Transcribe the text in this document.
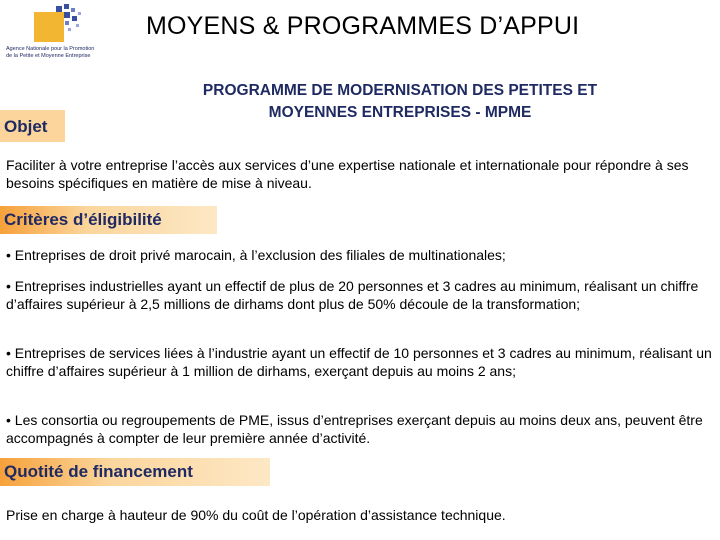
Agence Nationale pour la Promotion
de la Petite et Moyenne Entreprise
MOYENS & PROGRAMMES D’APPUI
PROGRAMME DE MODERNISATION DES PETITES ET MOYENNES ENTREPRISES - MPME
Objet
Faciliter à votre entreprise l’accès aux services d’une expertise nationale et internationale pour répondre à ses besoins spécifiques en matière de mise à niveau.
Critères d’éligibilité
• Entreprises de droit privé marocain, à l’exclusion des filiales de multinationales;
• Entreprises industrielles ayant un effectif de plus de 20 personnes et 3 cadres au minimum, réalisant un chiffre d’affaires supérieur à 2,5 millions de dirhams dont plus de 50% découle de la transformation;
• Entreprises de services liées à l’industrie ayant un effectif de 10 personnes et 3 cadres au minimum, réalisant un chiffre d’affaires supérieur à 1 million de dirhams, exerçant depuis au moins 2 ans;
• Les consortia ou regroupements de PME, issus d’entreprises exerçant depuis au moins deux ans, peuvent être accompagnés à compter de leur première année d’activité.
Quotité de financement
Prise en charge à hauteur de 90% du coût de l’opération d’assistance technique.
